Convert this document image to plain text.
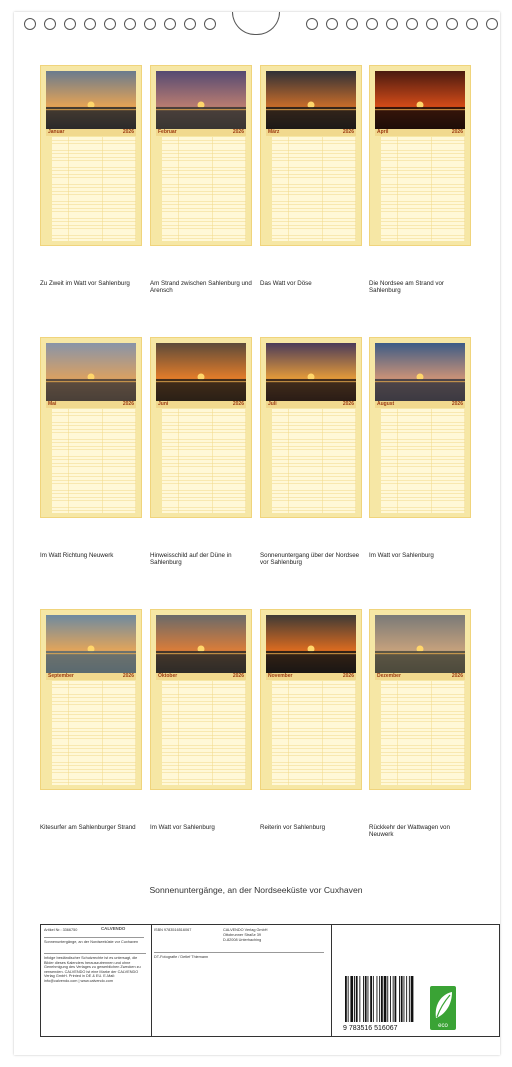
Januar	2026
Zu Zweit im Watt vor Sahlenburg
Februar	2026
Am Strand zwischen Sahlenburg und Arensch
März	2026
Das Watt vor Döse
April	2026
Die Nordsee am Strand vor Sahlenburg
Mai	2026
Im Watt Richtung Neuwerk
Juni	2026
Hinweisschild auf der Düne in Sahlenburg
Juli	2026
Sonnenuntergang über der Nordsee vor Sahlenburg
August	2026
Im Watt vor Sahlenburg
September	2026
Kitesurfer am Sahlenburger Strand
Oktober	2026
Im Watt vor Sahlenburg
November	2026
Reiterin vor Sahlenburg
Dezember	2026
Rückkehr der Wattwagen von Neuwerk
Sonnenuntergänge, an der Nordseeküste vor Cuxhaven
Artikel Nr.: 3366750	CALVENDO
Sonnenuntergänge, an der Nordseeküste vor Cuxhaven
Infolge beständischer Schutzrechte ist es untersagt, die Bilder dieses Kalenders herauszutrennen und ohne Genehmigung des Verlages zu gewerblichen Zwecken zu verwenden. CALVENDO ist eine Marke der CALVENDO Verlag GmbH. Printed in DE & EU. E-Mail: info@calvendo.com | www.calvendo.com
ISBN 9783516516067	CALVENDO Verlag GmbH
Ottobrunner Straße 39
D-82008 Unterhaching
DT-Fotografie / Detlef Thiemann
9 783516 516067	eco
